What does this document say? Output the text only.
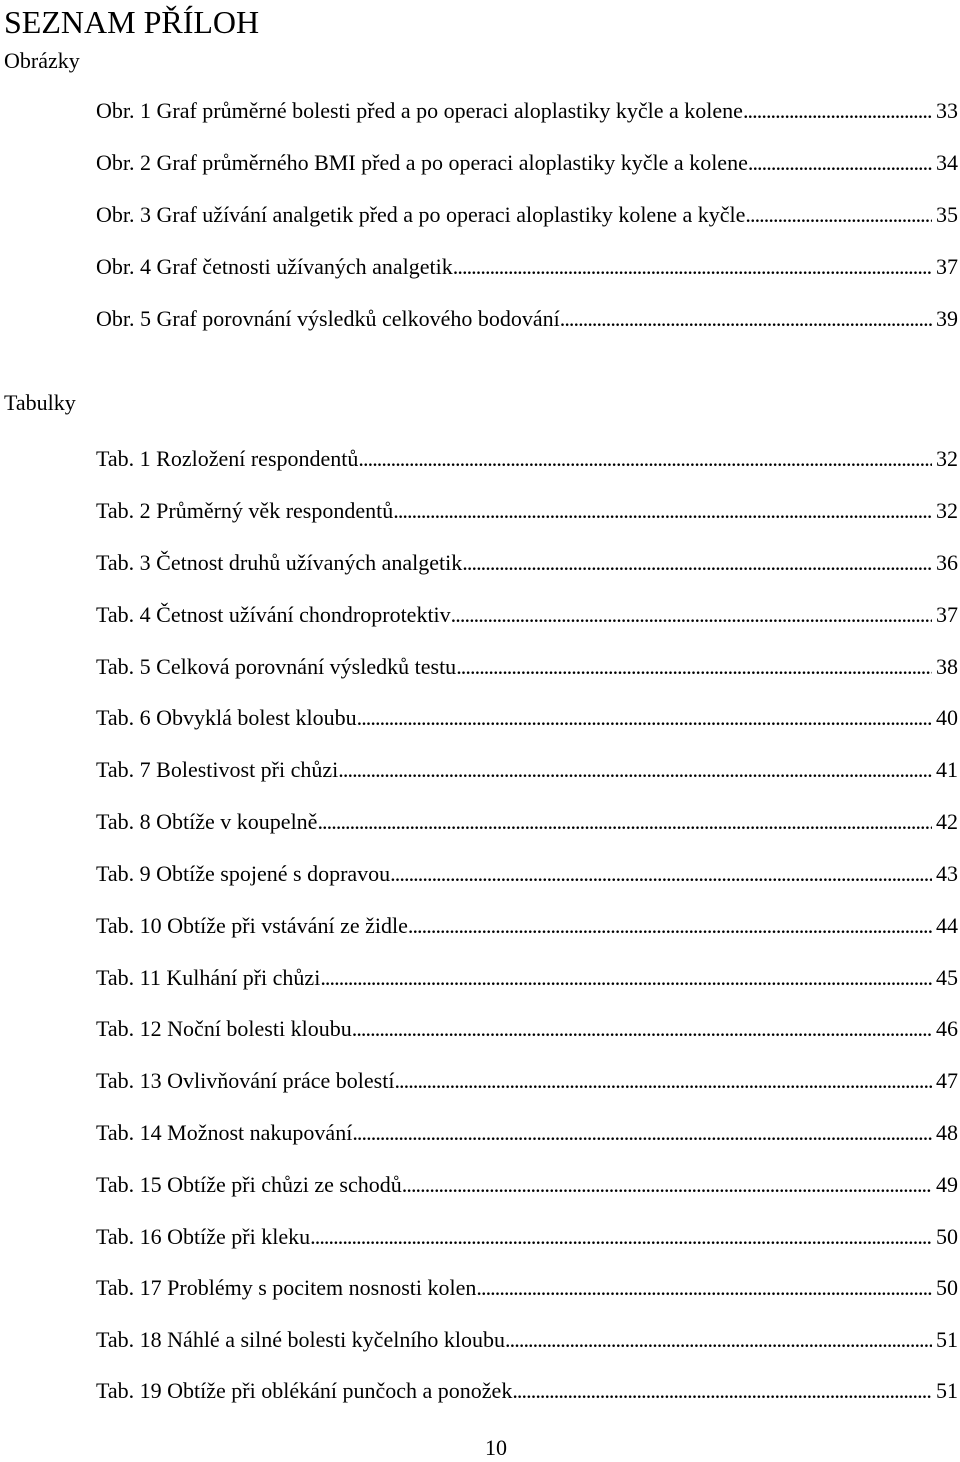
SEZNAM PŘÍLOH
Obrázky
Obr. 1 Graf průměrné bolesti před a po operaci aloplastiky kyčle a kolene . . .	33
Obr. 2 Graf průměrného BMI před a po operaci aloplastiky kyčle a kolene . . .	34
Obr. 3 Graf užívání analgetik před a po operaci aloplastiky kolene a kyčle . . .	35
Obr. 4 Graf četnosti užívaných analgetik . . .	37
Obr. 5 Graf porovnání výsledků celkového bodování . . .	39
Tabulky
Tab. 1 Rozložení respondentů . . .	32
Tab. 2 Průměrný věk respondentů . . .	32
Tab. 3 Četnost druhů užívaných analgetik . . .	36
Tab. 4 Četnost užívání chondroprotektiv . . .	37
Tab. 5 Celková porovnání výsledků testu . . .	38
Tab. 6 Obvyklá bolest kloubu . . .	40
Tab. 7 Bolestivost při chůzi . . .	41
Tab. 8 Obtíže v koupelně . . .	42
Tab. 9 Obtíže spojené s dopravou . . .	43
Tab. 10 Obtíže při vstávání ze židle . . .	44
Tab. 11 Kulhání při chůzi . . .	45
Tab. 12 Noční bolesti kloubu . . .	46
Tab. 13 Ovlivňování práce bolestí . . .	47
Tab. 14 Možnost nakupování . . .	48
Tab. 15 Obtíže při chůzi ze schodů . . .	49
Tab. 16 Obtíže při kleku . . .	50
Tab. 17 Problémy s pocitem nosnosti kolen . . .	50
Tab. 18 Náhlé a silné bolesti kyčelního kloubu . . .	51
Tab. 19 Obtíže při oblékání punčoch a ponožek . . .	51
10
